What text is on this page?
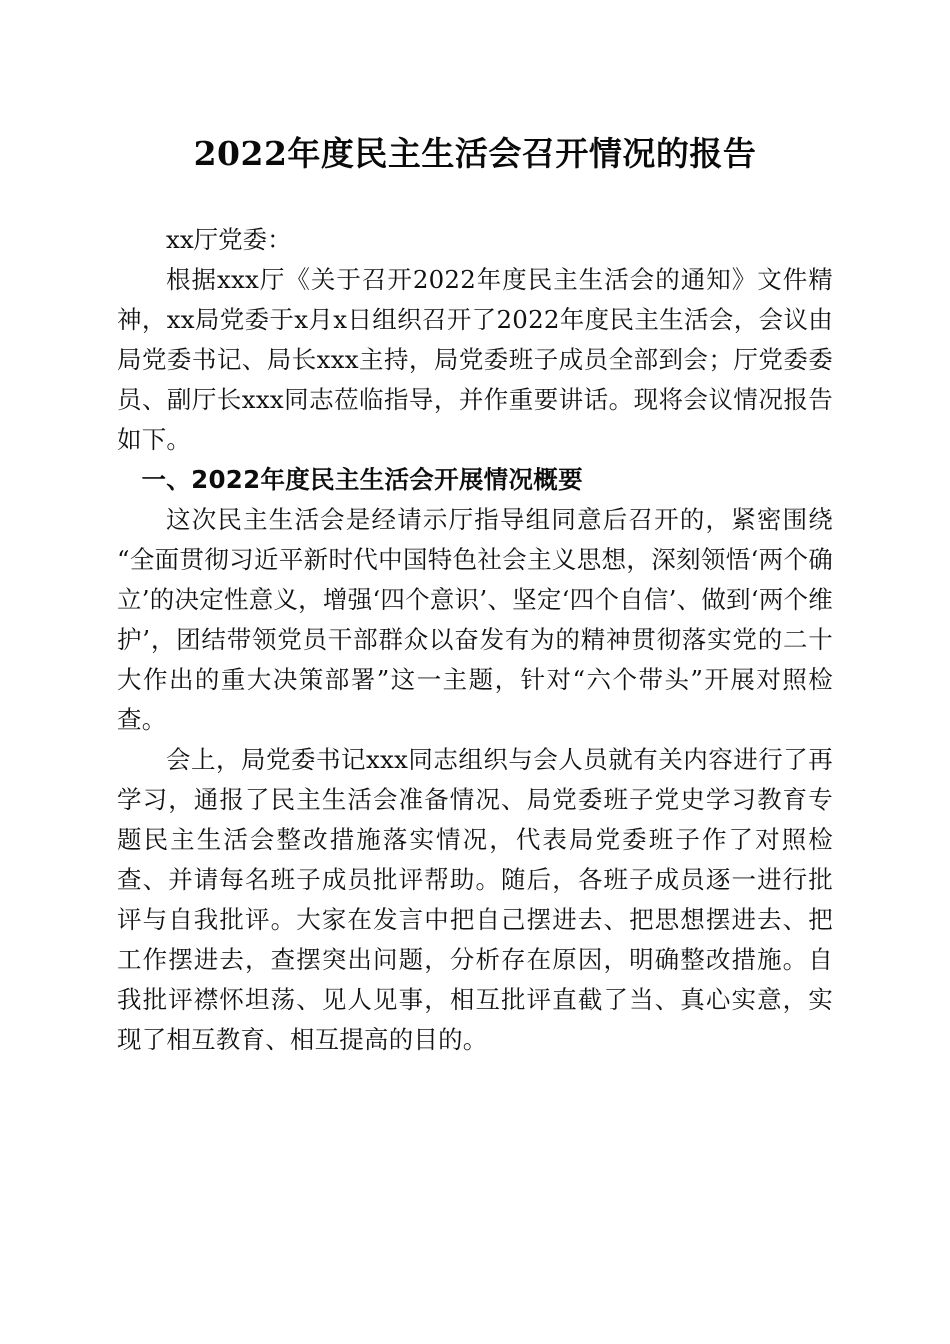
2022年度民主生活会召开情况的报告

xx厅党委：

根据xxx厅《关于召开2022年度民主生活会的通知》文件精神，xx局党委于x月x日组织召开了2022年度民主生活会，会议由局党委书记、局长xxx主持，局党委班子成员全部到会；厅党委委员、副厅长xxx同志莅临指导，并作重要讲话。现将会议情况报告如下。

一、2022年度民主生活会开展情况概要

这次民主生活会是经请示厅指导组同意后召开的，紧密围绕“全面贯彻习近平新时代中国特色社会主义思想，深刻领悟‘两个确立’的决定性意义，增强‘四个意识’、坚定‘四个自信’、做到‘两个维护’，团结带领党员干部群众以奋发有为的精神贯彻落实党的二十大作出的重大决策部署”这一主题，针对“六个带头”开展对照检查。

会上，局党委书记xxx同志组织与会人员就有关内容进行了再学习，通报了民主生活会准备情况、局党委班子党史学习教育专题民主生活会整改措施落实情况，代表局党委班子作了对照检查、并请每名班子成员批评帮助。随后，各班子成员逐一进行批评与自我批评。大家在发言中把自己摆进去、把思想摆进去、把工作摆进去，查摆突出问题，分析存在原因，明确整改措施。自我批评襟怀坦荡、见人见事，相互批评直截了当、真心实意，实现了相互教育、相互提高的目的。
